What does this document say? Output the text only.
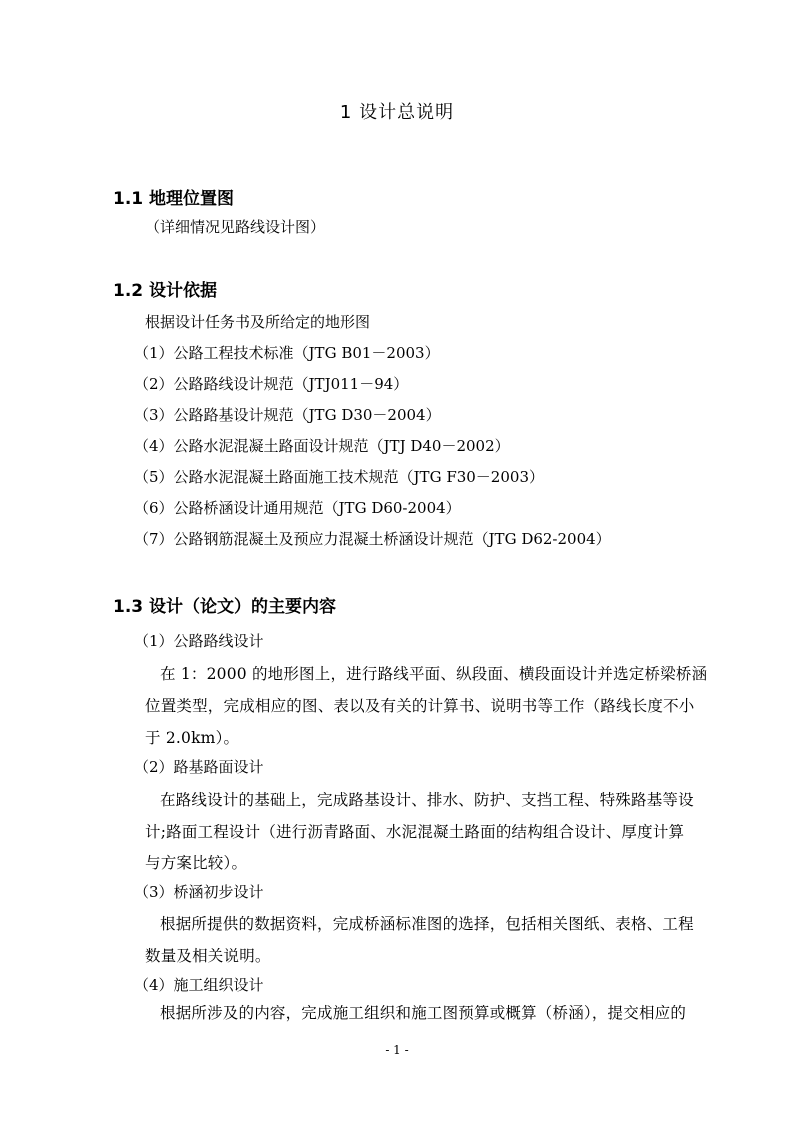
1 设计总说明
1.1 地理位置图
（详细情况见路线设计图）
1.2 设计依据
根据设计任务书及所给定的地形图
（1）公路工程技术标准（JTG B01－2003）
（2）公路路线设计规范（JTJ011－94）
（3）公路路基设计规范（JTG D30－2004）
（4）公路水泥混凝土路面设计规范（JTJ D40－2002）
（5）公路水泥混凝土路面施工技术规范（JTG F30－2003）
（6）公路桥涵设计通用规范（JTG D60-2004）
（7）公路钢筋混凝土及预应力混凝土桥涵设计规范（JTG D62-2004）
1.3 设计（论文）的主要内容
（1）公路路线设计
在 1：2000 的地形图上，进行路线平面、纵段面、横段面设计并选定桥梁桥涵
位置类型，完成相应的图、表以及有关的计算书、说明书等工作（路线长度不小
于 2.0km）。
（2）路基路面设计
在路线设计的基础上，完成路基设计、排水、防护、支挡工程、特殊路基等设
计;路面工程设计（进行沥青路面、水泥混凝土路面的结构组合设计、厚度计算
与方案比较）。
（3）桥涵初步设计
根据所提供的数据资料，完成桥涵标准图的选择，包括相关图纸、表格、工程
数量及相关说明。
（4）施工组织设计
根据所涉及的内容，完成施工组织和施工图预算或概算（桥涵），提交相应的
- 1 -
